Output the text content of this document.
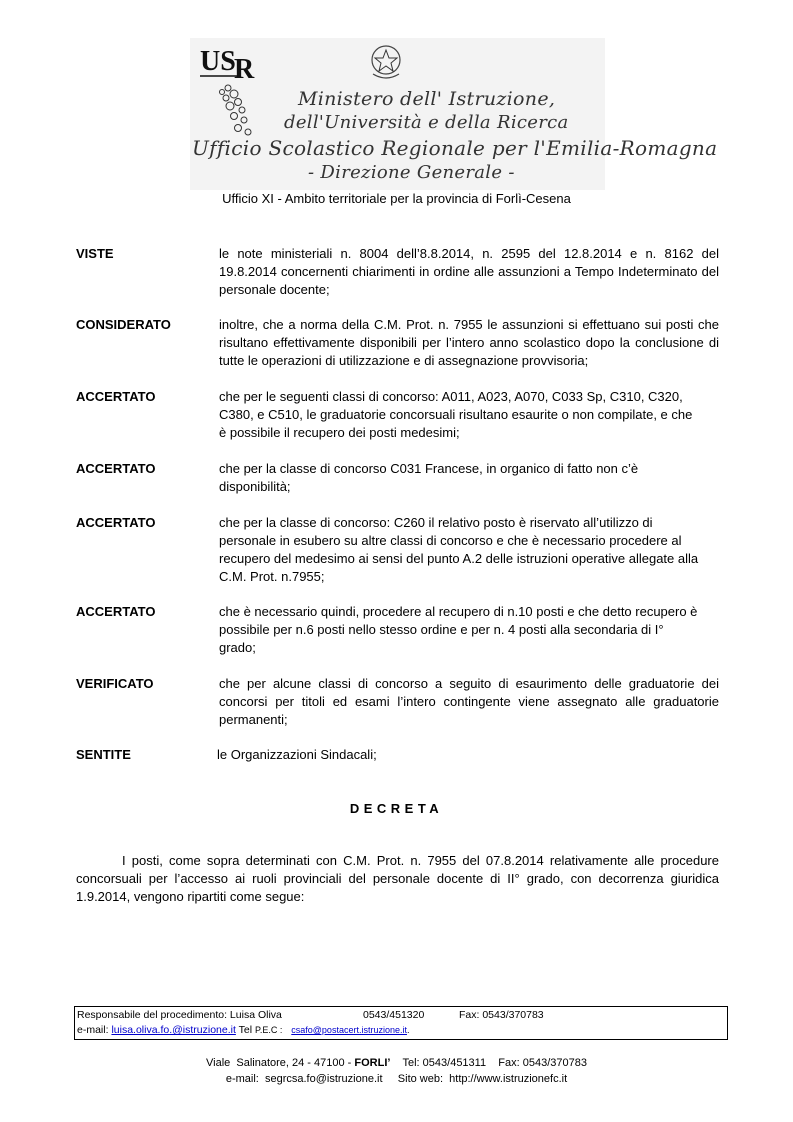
US
R
Ministero dell' Istruzione,
dell'Università e della Ricerca
Ufficio Scolastico Regionale per l'Emilia-Romagna
- Direzione Generale -
Ufficio XI - Ambito territoriale per la provincia di Forlì-Cesena
VISTE	le note ministeriali n. 8004 dell’8.8.2014, n. 2595 del 12.8.2014 e n. 8162 del 19.8.2014 concernenti chiarimenti in ordine alle assunzioni a Tempo Indeterminato del personale docente;
CONSIDERATO	inoltre, che a norma della C.M. Prot. n. 7955 le assunzioni si effettuano sui posti che risultano effettivamente disponibili per l’intero anno scolastico dopo la conclusione di tutte le operazioni di utilizzazione e di assegnazione provvisoria;
ACCERTATO	che per le seguenti classi di concorso: A011, A023, A070, C033 Sp, C310, C320,

C380, e C510, le graduatorie concorsuali risultano esaurite o non compilate, e che

è possibile il recupero dei posti medesimi;

ACCERTATO	che per la classe di concorso C031 Francese, in organico di fatto non c’è

disponibilità;

ACCERTATO	che per la classe di concorso: C260 il relativo posto è riservato all’utilizzo di

personale in esubero su altre classi di concorso e che è necessario procedere al

recupero del medesimo ai sensi del punto A.2 delle istruzioni operative allegate alla

C.M. Prot. n.7955;

ACCERTATO	che è necessario quindi, procedere al recupero di n.10 posti e che detto recupero è

possibile per n.6 posti nello stesso ordine e per n. 4 posti alla secondaria di I°

grado;

VERIFICATO	che per alcune classi di concorso a seguito di esaurimento delle graduatorie dei concorsi per titoli ed esami l’intero contingente viene assegnato alle graduatorie permanenti;
SENTITE	le Organizzazioni Sindacali;
DECRETA
I posti, come sopra determinati con C.M. Prot. n. 7955 del 07.8.2014 relativamente alle procedure concorsuali per l’accesso ai ruoli provinciali del personale docente di II° grado, con decorrenza giuridica 1.9.2014, vengono ripartiti come segue:
Responsabile del procedimento: Luisa Oliva	0543/451320	Fax: 0543/370783
e-mail: luisa.oliva.fo.@istruzione.it Tel P.E.C : csafo@postacert.istruzione.it.
Viale  Salinatore, 24 - 47100 - FORLI’    Tel: 0543/451311    Fax: 0543/370783
e-mail:  segrcsa.fo@istruzione.it     Sito web:  http://www.istruzionefc.it
